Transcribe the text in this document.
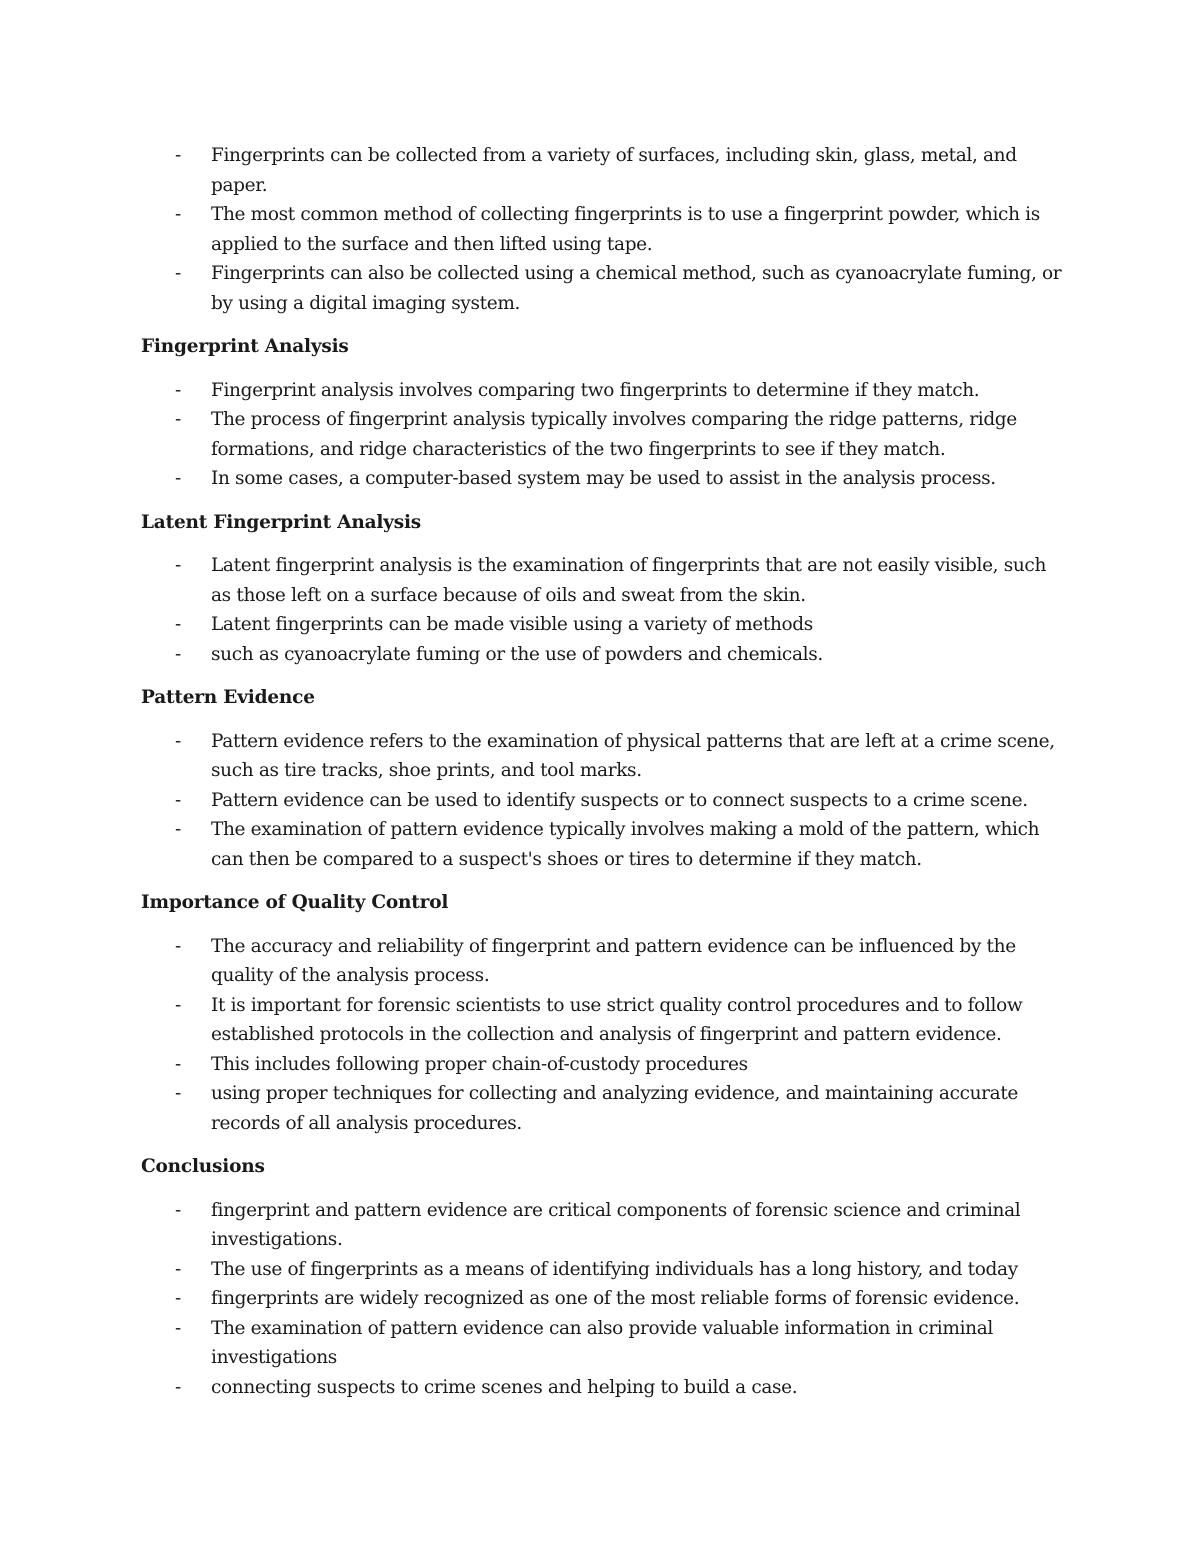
- Fingerprints can be collected from a variety of surfaces, including skin, glass, metal, and paper.
- The most common method of collecting fingerprints is to use a fingerprint powder, which is applied to the surface and then lifted using tape.
- Fingerprints can also be collected using a chemical method, such as cyanoacrylate fuming, or by using a digital imaging system.
Fingerprint Analysis
- Fingerprint analysis involves comparing two fingerprints to determine if they match.
- The process of fingerprint analysis typically involves comparing the ridge patterns, ridge formations, and ridge characteristics of the two fingerprints to see if they match.
- In some cases, a computer-based system may be used to assist in the analysis process.
Latent Fingerprint Analysis
- Latent fingerprint analysis is the examination of fingerprints that are not easily visible, such as those left on a surface because of oils and sweat from the skin.
- Latent fingerprints can be made visible using a variety of methods
- such as cyanoacrylate fuming or the use of powders and chemicals.
Pattern Evidence
- Pattern evidence refers to the examination of physical patterns that are left at a crime scene, such as tire tracks, shoe prints, and tool marks.
- Pattern evidence can be used to identify suspects or to connect suspects to a crime scene.
- The examination of pattern evidence typically involves making a mold of the pattern, which can then be compared to a suspect's shoes or tires to determine if they match.
Importance of Quality Control
- The accuracy and reliability of fingerprint and pattern evidence can be influenced by the quality of the analysis process.
- It is important for forensic scientists to use strict quality control procedures and to follow established protocols in the collection and analysis of fingerprint and pattern evidence.
- This includes following proper chain-of-custody procedures
- using proper techniques for collecting and analyzing evidence, and maintaining accurate records of all analysis procedures.
Conclusions
- fingerprint and pattern evidence are critical components of forensic science and criminal investigations.
- The use of fingerprints as a means of identifying individuals has a long history, and today
- fingerprints are widely recognized as one of the most reliable forms of forensic evidence.
- The examination of pattern evidence can also provide valuable information in criminal investigations
- connecting suspects to crime scenes and helping to build a case.
